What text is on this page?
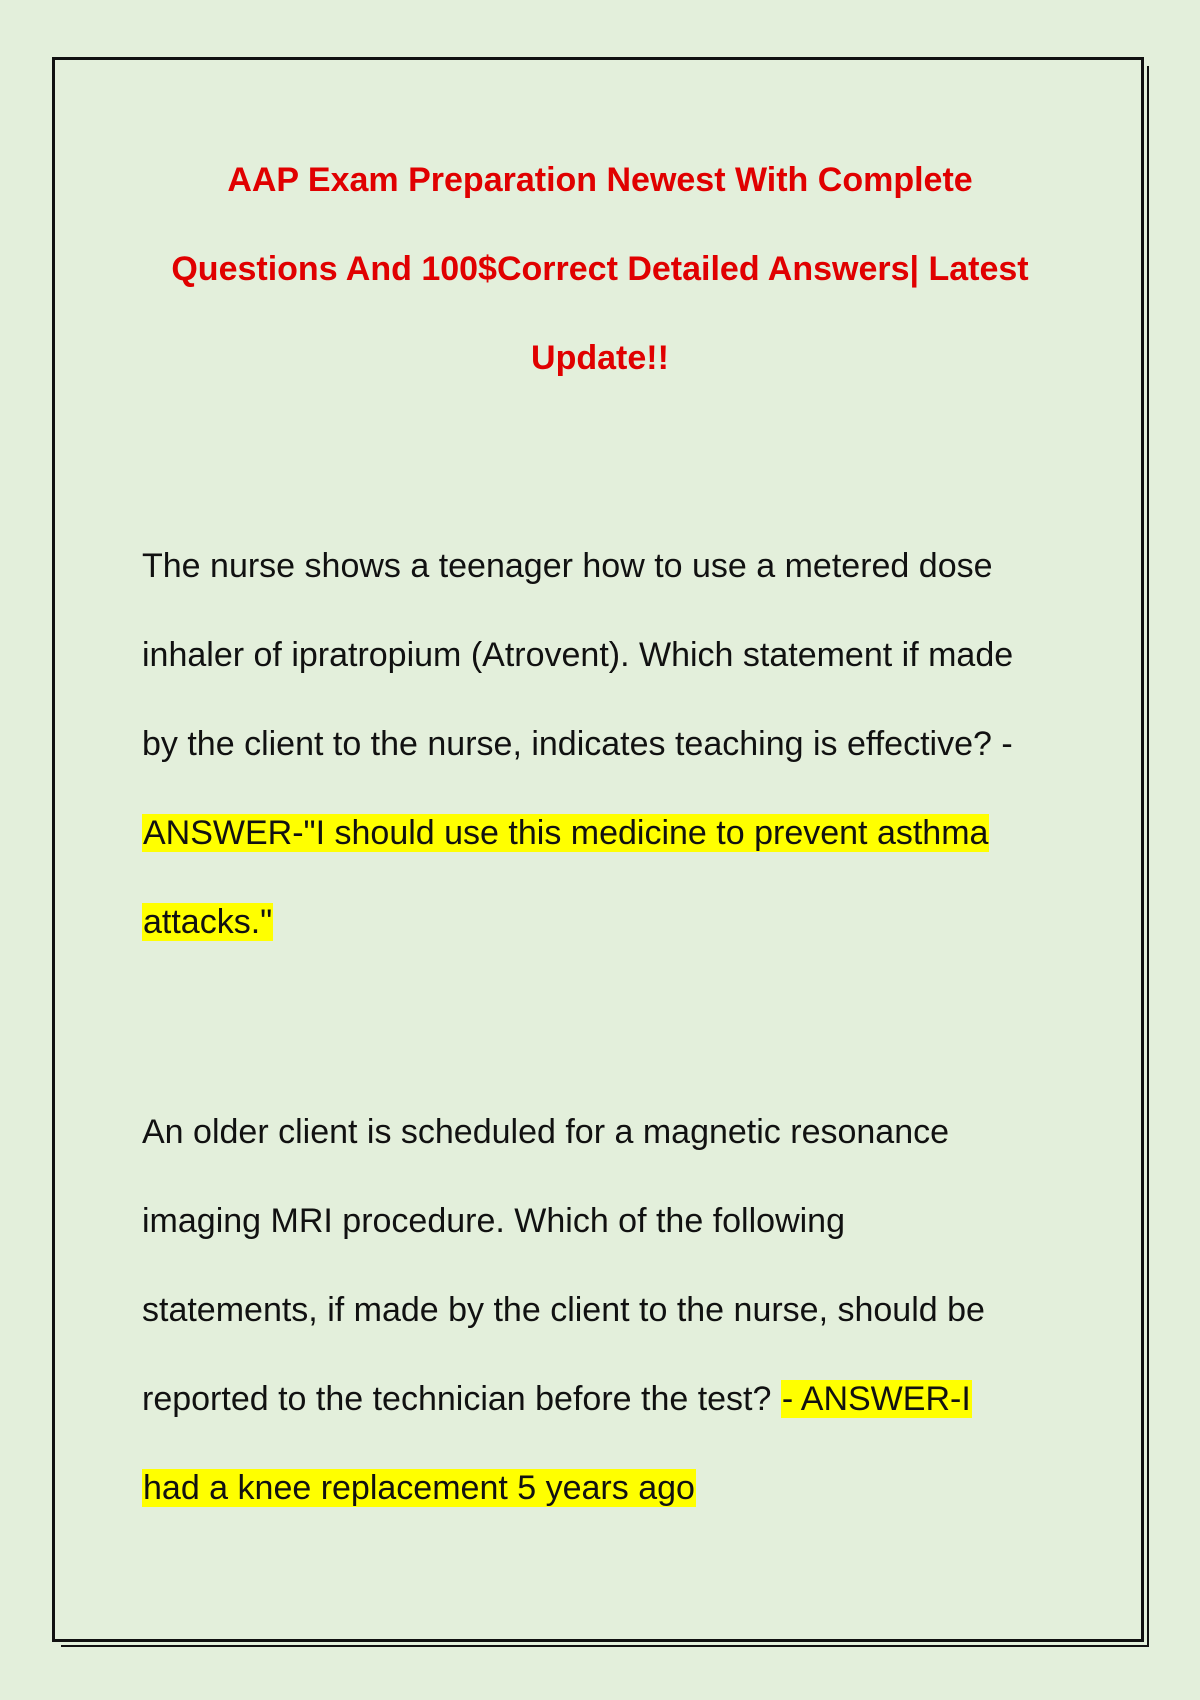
AAP Exam Preparation Newest With Complete
Questions And 100$Correct Detailed Answers| Latest
Update!!

The nurse shows a teenager how to use a metered dose
inhaler of ipratropium (Atrovent). Which statement if made
by the client to the nurse, indicates teaching is effective? -
ANSWER-"I should use this medicine to prevent asthma
attacks."

An older client is scheduled for a magnetic resonance
imaging MRI procedure. Which of the following
statements, if made by the client to the nurse, should be
reported to the technician before the test? - ANSWER-I
had a knee replacement 5 years ago
